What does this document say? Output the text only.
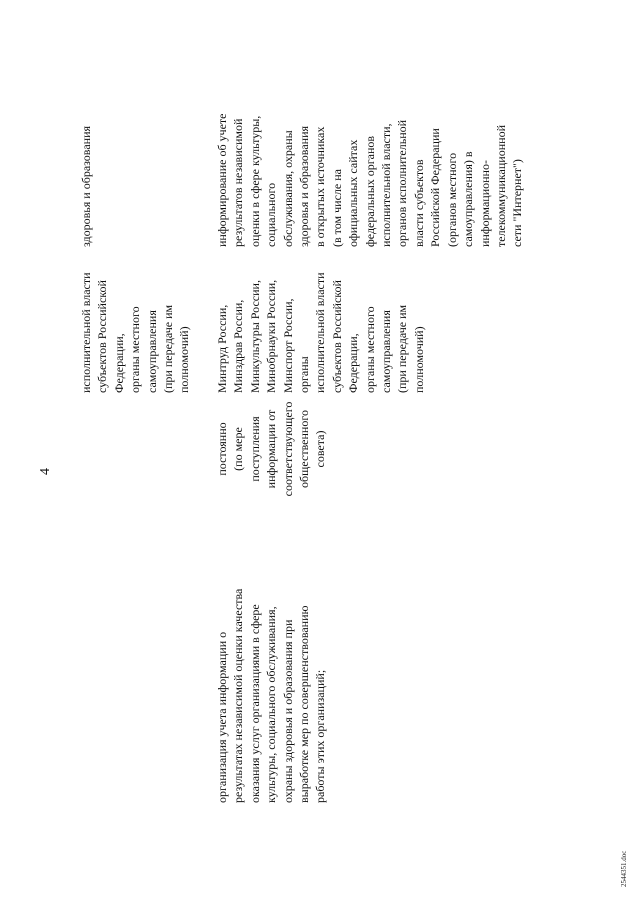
4
исполнительной власти
субъектов Российской
Федерации,
органы местного
самоуправления
(при передаче им
полномочий)
здоровья и образования
организация учета информации о
результатах независимой оценки качества
оказания услуг организациями в сфере
культуры, социального обслуживания,
охраны здоровья и образования при
выработке мер по совершенствованию
работы этих организаций;
постоянно
(по мере
поступления
информации от
соответствующего
общественного
совета)
Минтруд России,
Минздрав России,
Минкультуры России,
Минобрнауки России,
Минспорт России,
органы
исполнительной власти
субъектов Российской
Федерации,
органы местного
самоуправления
(при передаче им
полномочий)
информирование об учете
результатов независимой
оценки в сфере культуры,
социального
обслуживания, охраны
здоровья и образования
в открытых источниках
(в том числе на
официальных сайтах
федеральных органов
исполнительной власти,
органов исполнительной
власти субъектов
Российской Федерации
(органов местного
самоуправления) в
информационно-
телекоммуникационной
сети "Интернет")
2544351.doc
